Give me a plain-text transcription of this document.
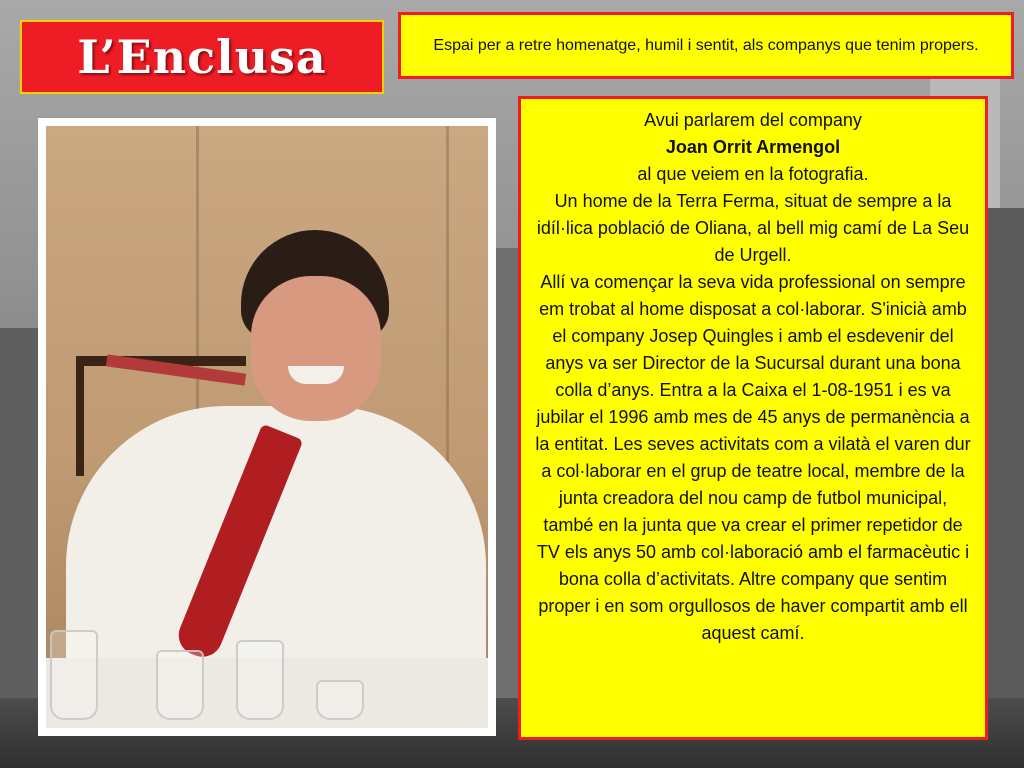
L’Enclusa	Espai per a retre homenatge, humil i sentit, als companys que tenim propers.
Avui parlarem del company
Joan Orrit Armengol
al que veiem en la fotografia.
Un home de la Terra Ferma, situat de sempre a la idíl·lica població de Oliana, al bell mig camí de La Seu de Urgell.
Allí va començar la seva vida professional on sempre em trobat al home disposat a col·laborar. S'inicià amb el company Josep Quingles i amb el esdevenir del anys va ser Director de la Sucursal durant una bona colla d’anys. Entra a la Caixa el 1-08-1951 i es va jubilar el 1996 amb mes de 45 anys de permanència a la entitat. Les seves activitats com a vilatà el varen dur a col·laborar en el grup de teatre local, membre de la junta creadora del nou camp de futbol municipal, també en la junta que va crear el primer repetidor de TV els anys 50 amb col·laboració amb el farmacèutic i bona colla d’activitats. Altre company que sentim proper i en som orgullosos de haver compartit amb ell aquest camí.
